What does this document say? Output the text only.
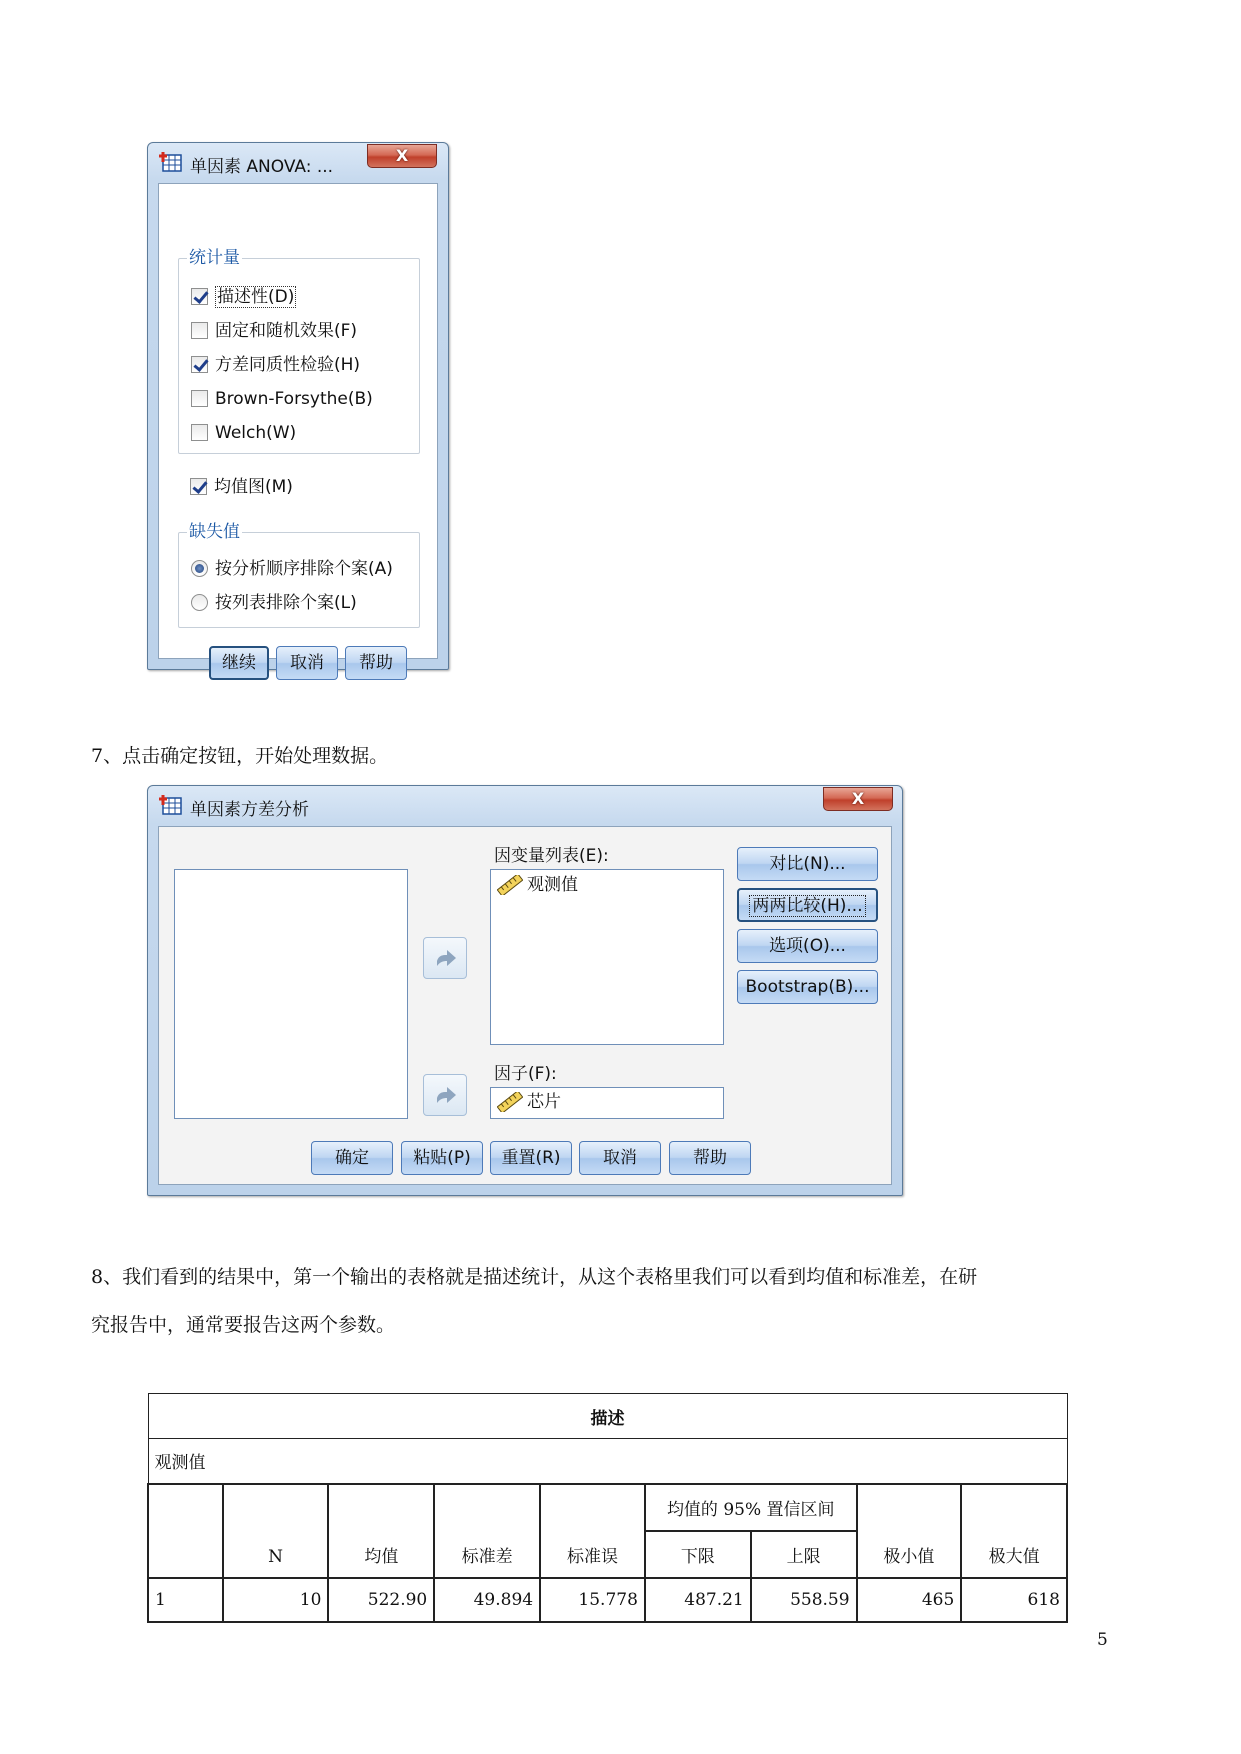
单因素 ANOVA: ...
X
统计量
描述性(D)
固定和随机效果(F)
方差同质性检验(H)
Brown-Forsythe(B)
Welch(W)
均值图(M)
缺失值
按分析顺序排除个案(A)
按列表排除个案(L)
继续	取消	帮助
7、点击确定按钮，开始处理数据。
单因素方差分析
X
因变量列表(E):
观测值
因子(F):
芯片
对比(N)...
两两比较(H)...
选项(O)...
Bootstrap(B)...
确定	粘贴(P)	重置(R)	取消	帮助
8、我们看到的结果中，第一个输出的表格就是描述统计，从这个表格里我们可以看到均值和标准差，在研
究报告中，通常要报告这两个参数。
描述								
观测值								
	N	均值	标准差	标准误	均值的 95% 置信区间		极小值	极大值
					下限	上限		
1	10	522.90	49.894	15.778	487.21	558.59	465	618
5
